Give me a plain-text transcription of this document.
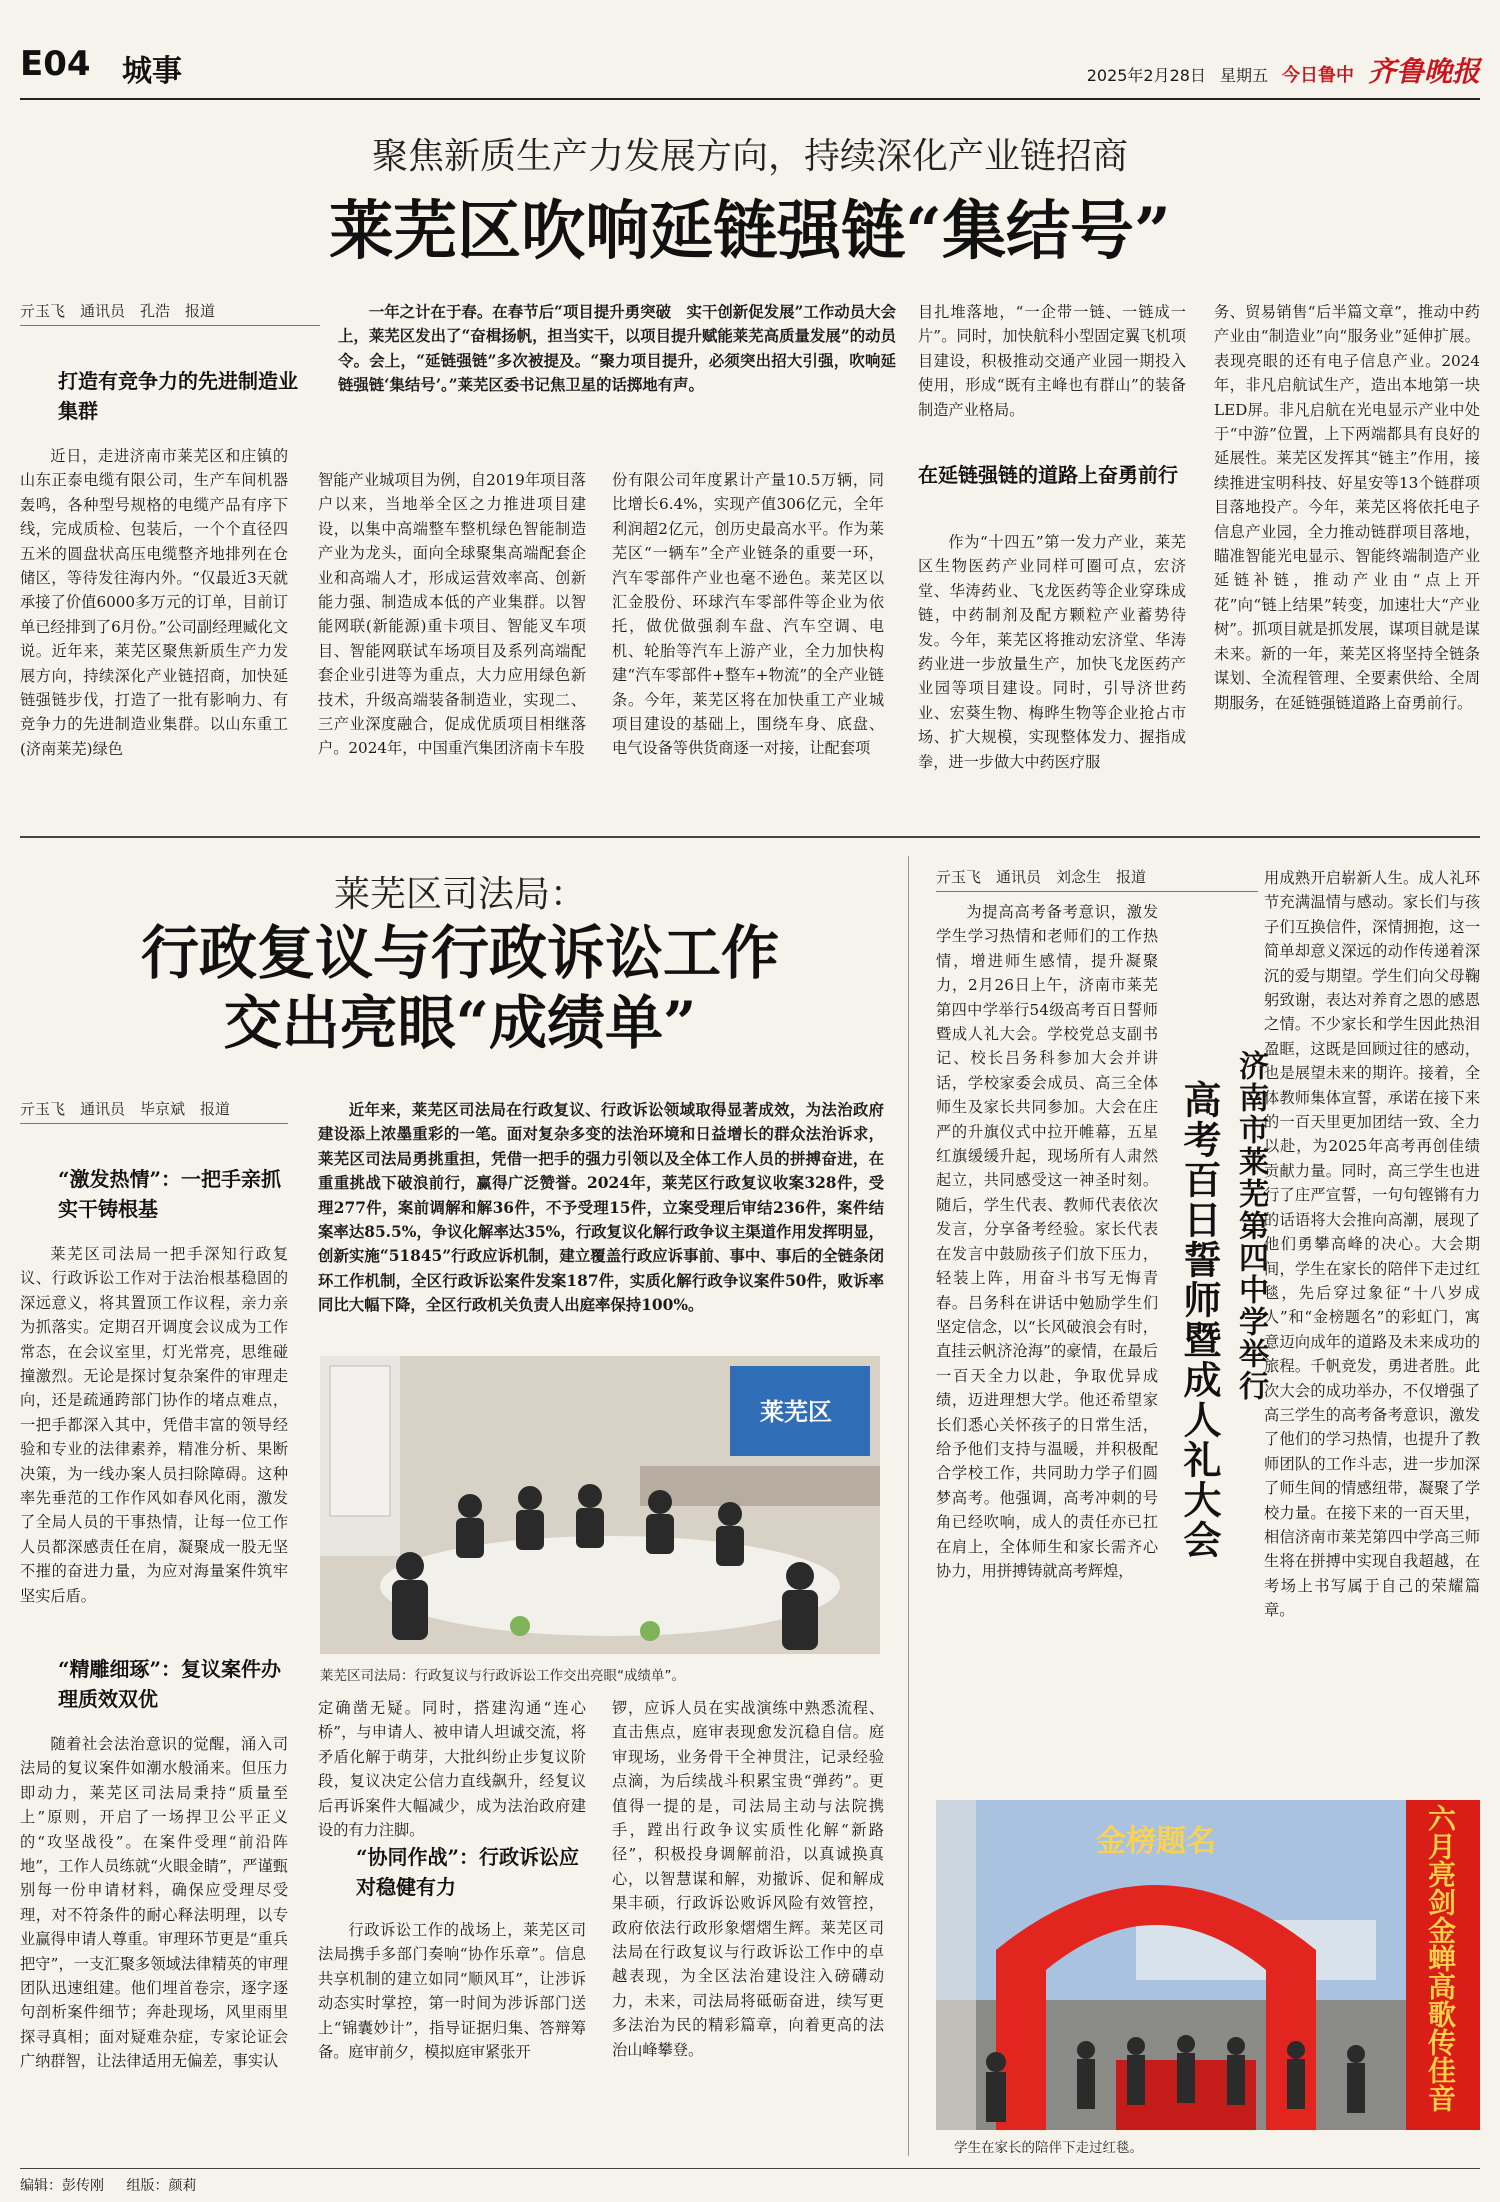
E04 城事	2025年2月28日 星期五 今日鲁中 齐鲁晚报
聚焦新质生产力发展方向，持续深化产业链招商
莱芜区吹响延链强链“集结号”
亓玉飞　通讯员　孔浩　报道
打造有竞争力的先进制造业集群

近日，走进济南市莱芜区和庄镇的山东正泰电缆有限公司，生产车间机器轰鸣，各种型号规格的电缆产品有序下线，完成质检、包装后，一个个直径四五米的圆盘状高压电缆整齐地排列在仓储区，等待发往海内外。“仅最近3天就承接了价值6000多万元的订单，目前订单已经排到了6月份。”公司副经理臧化文说。近年来，莱芜区聚焦新质生产力发展方向，持续深化产业链招商，加快延链强链步伐，打造了一批有影响力、有竞争力的先进制造业集群。以山东重工(济南莱芜)绿色

一年之计在于春。在春节后“项目提升勇突破　实干创新促发展”工作动员大会上，莱芜区发出了“奋楫扬帆，担当实干，以项目提升赋能莱芜高质量发展”的动员令。会上，“延链强链”多次被提及。“聚力项目提升，必须突出招大引强，吹响延链强链‘集结号’。”莱芜区委书记焦卫星的话掷地有声。

智能产业城项目为例，自2019年项目落户以来，当地举全区之力推进项目建设，以集中高端整车整机绿色智能制造产业为龙头，面向全球聚集高端配套企业和高端人才，形成运营效率高、创新能力强、制造成本低的产业集群。以智能网联(新能源)重卡项目、智能叉车项目、智能网联试车场项目及系列高端配套企业引进等为重点，大力应用绿色新技术，升级高端装备制造业，实现二、三产业深度融合，促成优质项目相继落户。2024年，中国重汽集团济南卡车股

份有限公司年度累计产量10.5万辆，同比增长6.4%，实现产值306亿元，全年利润超2亿元，创历史最高水平。作为莱芜区“一辆车”全产业链条的重要一环，汽车零部件产业也毫不逊色。莱芜区以汇金股份、环球汽车零部件等企业为依托，做优做强刹车盘、汽车空调、电机、轮胎等汽车上游产业，全力加快构建“汽车零部件+整车+物流”的全产业链条。今年，莱芜区将在加快重工产业城项目建设的基础上，围绕车身、底盘、电气设备等供货商逐一对接，让配套项

目扎堆落地，“一企带一链、一链成一片”。同时，加快航科小型固定翼飞机项目建设，积极推动交通产业园一期投入使用，形成“既有主峰也有群山”的装备制造产业格局。

在延链强链的道路上奋勇前行

作为“十四五”第一发力产业，莱芜区生物医药产业同样可圈可点，宏济堂、华涛药业、飞龙医药等企业穿珠成链，中药制剂及配方颗粒产业蓄势待发。今年，莱芜区将推动宏济堂、华涛药业进一步放量生产，加快飞龙医药产业园等项目建设。同时，引导济世药业、宏葵生物、梅晔生物等企业抢占市场、扩大规模，实现整体发力、握指成拳，进一步做大中药医疗服

务、贸易销售“后半篇文章”，推动中药产业由“制造业”向“服务业”延伸扩展。表现亮眼的还有电子信息产业。2024年，非凡启航试生产，造出本地第一块LED屏。非凡启航在光电显示产业中处于“中游”位置，上下两端都具有良好的延展性。莱芜区发挥其“链主”作用，接续推进宝明科技、好星安等13个链群项目落地投产。今年，莱芜区将依托电子信息产业园，全力推动链群项目落地，瞄准智能光电显示、智能终端制造产业延链补链，推动产业由“点上开花”向“链上结果”转变，加速壮大“产业树”。抓项目就是抓发展，谋项目就是谋未来。新的一年，莱芜区将坚持全链条谋划、全流程管理、全要素供给、全周期服务，在延链强链道路上奋勇前行。

莱芜区司法局：
行政复议与行政诉讼工作
交出亮眼“成绩单”
亓玉飞　通讯员　毕京斌　报道
“激发热情”：一把手亲抓实干铸根基

莱芜区司法局一把手深知行政复议、行政诉讼工作对于法治根基稳固的深远意义，将其置顶工作议程，亲力亲为抓落实。定期召开调度会议成为工作常态，在会议室里，灯光常亮，思维碰撞激烈。无论是探讨复杂案件的审理走向，还是疏通跨部门协作的堵点难点，一把手都深入其中，凭借丰富的领导经验和专业的法律素养，精准分析、果断决策，为一线办案人员扫除障碍。这种率先垂范的工作作风如春风化雨，激发了全局人员的干事热情，让每一位工作人员都深感责任在肩，凝聚成一股无坚不摧的奋进力量，为应对海量案件筑牢坚实后盾。

“精雕细琢”：复议案件办理质效双优

随着社会法治意识的觉醒，涌入司法局的复议案件如潮水般涌来。但压力即动力，莱芜区司法局秉持“质量至上”原则，开启了一场捍卫公平正义的“攻坚战役”。在案件受理“前沿阵地”，工作人员练就“火眼金睛”，严谨甄别每一份申请材料，确保应受理尽受理，对不符条件的耐心释法明理，以专业赢得申请人尊重。审理环节更是“重兵把守”，一支汇聚多领域法律精英的审理团队迅速组建。他们埋首卷宗，逐字逐句剖析案件细节；奔赴现场，风里雨里探寻真相；面对疑难杂症，专家论证会广纳群智，让法律适用无偏差，事实认

近年来，莱芜区司法局在行政复议、行政诉讼领域取得显著成效，为法治政府建设添上浓墨重彩的一笔。面对复杂多变的法治环境和日益增长的群众法治诉求，莱芜区司法局勇挑重担，凭借一把手的强力引领以及全体工作人员的拼搏奋进，在重重挑战下破浪前行，赢得广泛赞誉。2024年，莱芜区行政复议收案328件，受理277件，案前调解和解36件，不予受理15件，立案受理后审结236件，案件结案率达85.5%，争议化解率达35%，行政复议化解行政争议主渠道作用发挥明显，创新实施“51845”行政应诉机制，建立覆盖行政应诉事前、事中、事后的全链条闭环工作机制，全区行政诉讼案件发案187件，实质化解行政争议案件50件，败诉率同比大幅下降，全区行政机关负责人出庭率保持100%。
莱芜区
莱芜区司法局：行政复议与行政诉讼工作交出亮眼“成绩单”。

定确凿无疑。同时，搭建沟通“连心桥”，与申请人、被申请人坦诚交流，将矛盾化解于萌芽，大批纠纷止步复议阶段，复议决定公信力直线飙升，经复议后再诉案件大幅减少，成为法治政府建设的有力注脚。

“协同作战”：行政诉讼应对稳健有力

行政诉讼工作的战场上，莱芜区司法局携手多部门奏响“协作乐章”。信息共享机制的建立如同“顺风耳”，让涉诉动态实时掌控，第一时间为涉诉部门送上“锦囊妙计”，指导证据归集、答辩筹备。庭审前夕，模拟庭审紧张开

锣，应诉人员在实战演练中熟悉流程、直击焦点，庭审表现愈发沉稳自信。庭审现场，业务骨干全神贯注，记录经验点滴，为后续战斗积累宝贵“弹药”。更值得一提的是，司法局主动与法院携手，蹚出行政争议实质性化解“新路径”，积极投身调解前沿，以真诚换真心，以智慧谋和解，劝撤诉、促和解成果丰硕，行政诉讼败诉风险有效管控，政府依法行政形象熠熠生辉。莱芜区司法局在行政复议与行政诉讼工作中的卓越表现，为全区法治建设注入磅礴动力，未来，司法局将砥砺奋进，续写更多法治为民的精彩篇章，向着更高的法治山峰攀登。

亓玉飞　通讯员　刘念生　报道

为提高高考备考意识，激发学生学习热情和老师们的工作热情，增进师生感情，提升凝聚力，2月26日上午，济南市莱芜第四中学举行54级高考百日誓师暨成人礼大会。学校党总支副书记、校长吕务科参加大会并讲话，学校家委会成员、高三全体师生及家长共同参加。大会在庄严的升旗仪式中拉开帷幕，五星红旗缓缓升起，现场所有人肃然起立，共同感受这一神圣时刻。随后，学生代表、教师代表依次发言，分享备考经验。家长代表在发言中鼓励孩子们放下压力，轻装上阵，用奋斗书写无悔青春。吕务科在讲话中勉励学生们坚定信念，以“长风破浪会有时，直挂云帆济沧海”的豪情，在最后一百天全力以赴，争取优异成绩，迈进理想大学。他还希望家长们悉心关怀孩子的日常生活，给予他们支持与温暖，并积极配合学校工作，共同助力学子们圆梦高考。他强调，高考冲刺的号角已经吹响，成人的责任亦已扛在肩上，全体师生和家长需齐心协力，用拼搏铸就高考辉煌，

高考百日誓师暨成人礼大会 济南市莱芜第四中学举行

用成熟开启崭新人生。成人礼环节充满温情与感动。家长们与孩子们互换信件，深情拥抱，这一简单却意义深远的动作传递着深沉的爱与期望。学生们向父母鞠躬致谢，表达对养育之恩的感恩之情。不少家长和学生因此热泪盈眶，这既是回顾过往的感动，也是展望未来的期许。接着，全体教师集体宣誓，承诺在接下来的一百天里更加团结一致、全力以赴，为2025年高考再创佳绩贡献力量。同时，高三学生也进行了庄严宣誓，一句句铿锵有力的话语将大会推向高潮，展现了他们勇攀高峰的决心。大会期间，学生在家长的陪伴下走过红毯，先后穿过象征“十八岁成人”和“金榜题名”的彩虹门，寓意迈向成年的道路及未来成功的旅程。千帆竞发，勇进者胜。此次大会的成功举办，不仅增强了高三学生的高考备考意识，激发了他们的学习热情，也提升了教师团队的工作斗志，进一步加深了师生间的情感纽带，凝聚了学校力量。在接下来的一百天里，相信济南市莱芜第四中学高三师生将在拼搏中实现自我超越，在考场上书写属于自己的荣耀篇章。

金榜题名	六月亮剑金蝉高歌传佳音
学生在家长的陪伴下走过红毯。
编辑：彭传刚 组版：颜莉
